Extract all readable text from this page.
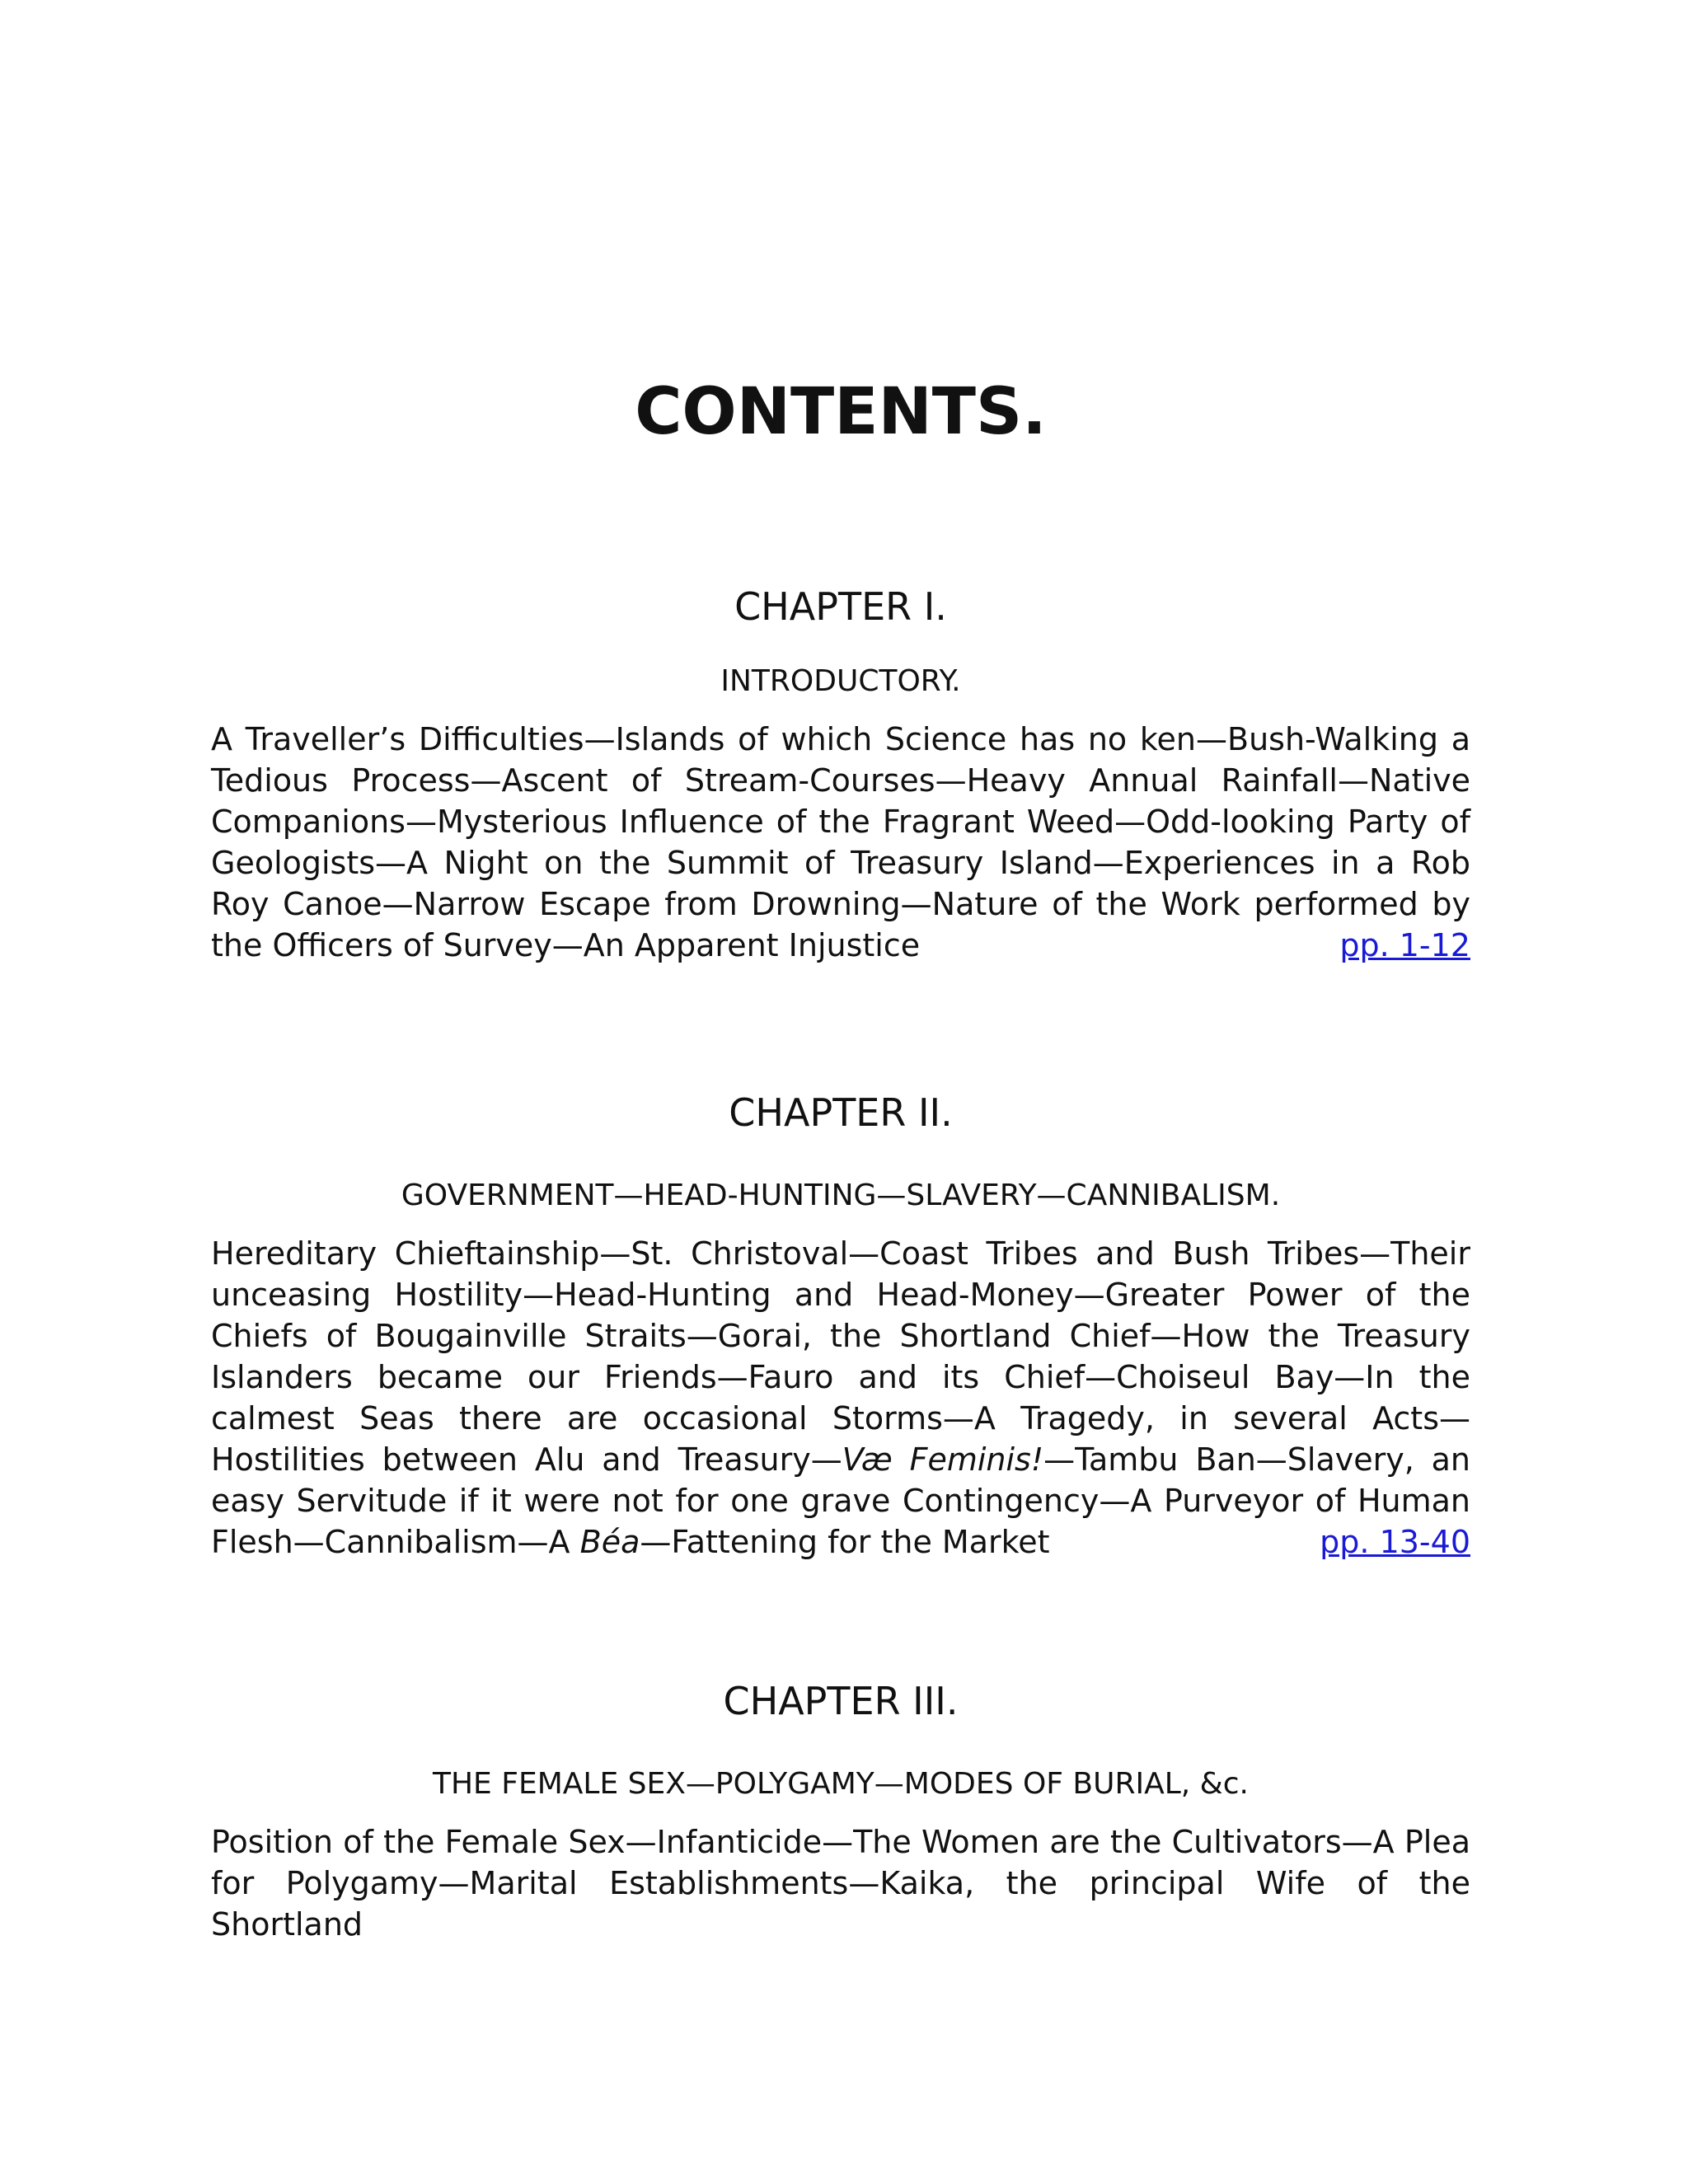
CONTENTS.
CHAPTER I.

INTRODUCTORY.

A Traveller’s Difficulties—Islands of which Science has no ken—Bush-Walking a Tedious Process—Ascent of Stream-Courses—Heavy Annual Rainfall—Native Companions—Mysterious Influence of the Fragrant Weed—Odd-looking Party of Geologists—A Night on the Summit of Treasury Island—Experiences in a Rob Roy Canoe—Narrow Escape from Drowning—Nature of the Work performed by the Officers of Survey—An Apparent Injustice	pp. 1-12

CHAPTER II.

GOVERNMENT—HEAD-HUNTING—SLAVERY—CANNIBALISM.

Hereditary Chieftainship—St. Christoval—Coast Tribes and Bush Tribes—Their unceasing Hostility—Head-Hunting and Head-Money—Greater Power of the Chiefs of Bougainville Straits—Gorai, the Shortland Chief—How the Treasury Islanders became our Friends—Fauro and its Chief—Choiseul Bay—In the calmest Seas there are occasional Storms—A Tragedy, in several Acts—Hostilities between Alu and Treasury—Væ Feminis!—Tambu Ban—Slavery, an easy Servitude if it were not for one grave Contingency—A Purveyor of Human Flesh—Cannibalism—A Béa—Fattening for the Market	pp. 13-40

CHAPTER III.

THE FEMALE SEX—POLYGAMY—MODES OF BURIAL, &c.

Position of the Female Sex—Infanticide—The Women are the Cultivators—A Plea for Polygamy—Marital Establishments—Kaika, the principal Wife of the Shortland
